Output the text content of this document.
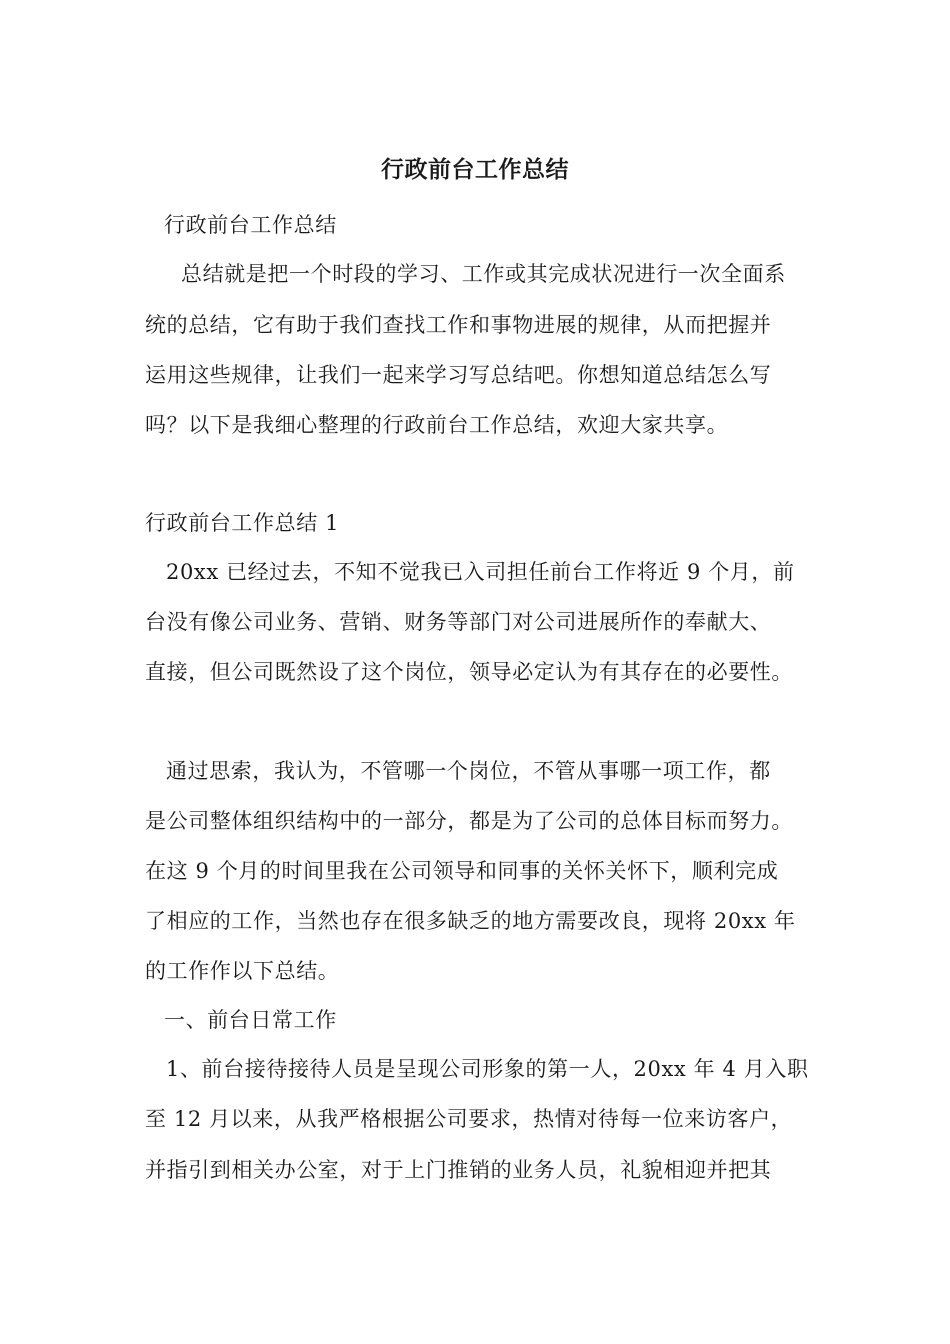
行政前台工作总结
行政前台工作总结
总结就是把一个时段的学习、工作或其完成状况进行一次全面系
统的总结，它有助于我们查找工作和事物进展的规律，从而把握并
运用这些规律，让我们一起来学习写总结吧。你想知道总结怎么写
吗？以下是我细心整理的行政前台工作总结，欢迎大家共享。
行政前台工作总结 1
20xx 已经过去，不知不觉我已入司担任前台工作将近 9 个月，前
台没有像公司业务、营销、财务等部门对公司进展所作的奉献大、
直接，但公司既然设了这个岗位，领导必定认为有其存在的必要性。
通过思索，我认为，不管哪一个岗位，不管从事哪一项工作，都
是公司整体组织结构中的一部分，都是为了公司的总体目标而努力。
在这 9 个月的时间里我在公司领导和同事的关怀关怀下，顺利完成
了相应的工作，当然也存在很多缺乏的地方需要改良，现将 20xx 年
的工作作以下总结。
一、前台日常工作
1、前台接待接待人员是呈现公司形象的第一人，20xx 年 4 月入职
至 12 月以来，从我严格根据公司要求，热情对待每一位来访客户，
并指引到相关办公室，对于上门推销的业务人员，礼貌相迎并把其
